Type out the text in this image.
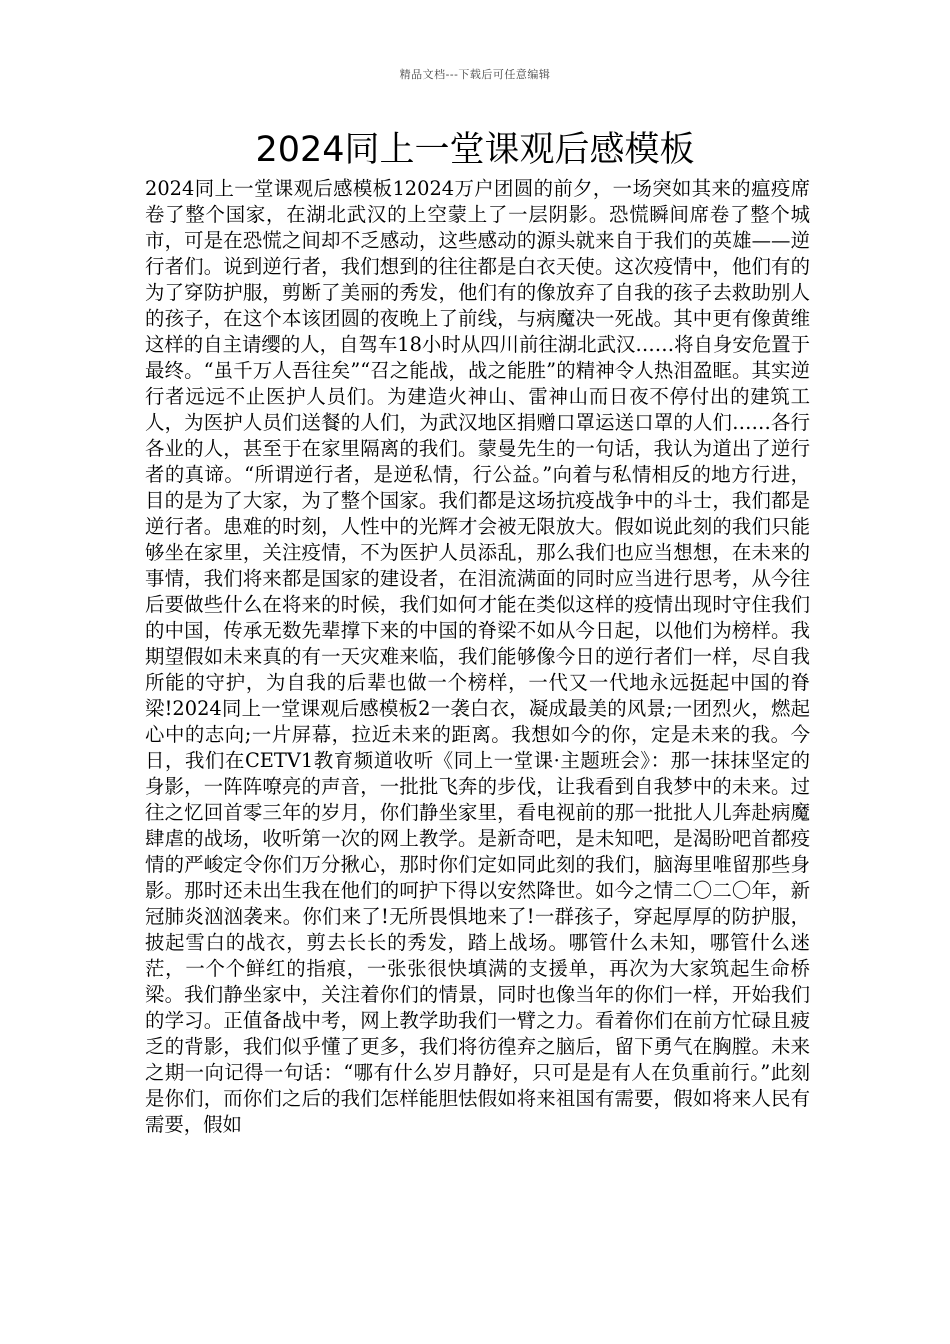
精品文档---下载后可任意编辑
2024同上一堂课观后感模板

2024同上一堂课观后感模板12024万户团圆的前夕，一场突如其来的瘟疫席卷了整个国家，在湖北武汉的上空蒙上了一层阴影。恐慌瞬间席卷了整个城市，可是在恐慌之间却不乏感动，这些感动的源头就来自于我们的英雄——逆行者们。说到逆行者，我们想到的往往都是白衣天使。这次疫情中，他们有的为了穿防护服，剪断了美丽的秀发，他们有的像放弃了自我的孩子去救助别人的孩子，在这个本该团圆的夜晚上了前线，与病魔决一死战。其中更有像黄维这样的自主请缨的人，自驾车18小时从四川前往湖北武汉……将自身安危置于最终。“虽千万人吾往矣”“召之能战，战之能胜”的精神令人热泪盈眶。其实逆行者远远不止医护人员们。为建造火神山、雷神山而日夜不停付出的建筑工人，为医护人员们送餐的人们，为武汉地区捐赠口罩运送口罩的人们……各行各业的人，甚至于在家里隔离的我们。蒙曼先生的一句话，我认为道出了逆行者的真谛。“所谓逆行者，是逆私情，行公益。”向着与私情相反的地方行进，目的是为了大家，为了整个国家。我们都是这场抗疫战争中的斗士，我们都是逆行者。患难的时刻，人性中的光辉才会被无限放大。假如说此刻的我们只能够坐在家里，关注疫情，不为医护人员添乱，那么我们也应当想想，在未来的事情，我们将来都是国家的建设者，在泪流满面的同时应当进行思考，从今往后要做些什么在将来的时候，我们如何才能在类似这样的疫情出现时守住我们的中国，传承无数先辈撑下来的中国的脊梁不如从今日起，以他们为榜样。我期望假如未来真的有一天灾难来临，我们能够像今日的逆行者们一样，尽自我所能的守护，为自我的后辈也做一个榜样，一代又一代地永远挺起中国的脊梁!2024同上一堂课观后感模板2一袭白衣，凝成最美的风景;一团烈火，燃起心中的志向;一片屏幕，拉近未来的距离。我想如今的你，定是未来的我。今日，我们在CETV1教育频道收听《同上一堂课·主题班会》：那一抹抹坚定的身影，一阵阵嘹亮的声音，一批批飞奔的步伐，让我看到自我梦中的未来。过往之忆回首零三年的岁月，你们静坐家里，看电视前的那一批批人儿奔赴病魔肆虐的战场，收听第一次的网上教学。是新奇吧，是未知吧，是渴盼吧首都疫情的严峻定令你们万分揪心，那时你们定如同此刻的我们，脑海里唯留那些身影。那时还未出生我在他们的呵护下得以安然降世。如今之情二〇二〇年，新冠肺炎汹汹袭来。你们来了!无所畏惧地来了!一群孩子，穿起厚厚的防护服，披起雪白的战衣，剪去长长的秀发，踏上战场。哪管什么未知，哪管什么迷茫，一个个鲜红的指痕，一张张很快填满的支援单，再次为大家筑起生命桥梁。我们静坐家中，关注着你们的情景，同时也像当年的你们一样，开始我们的学习。正值备战中考，网上教学助我们一臂之力。看着你们在前方忙碌且疲乏的背影，我们似乎懂了更多，我们将彷徨弃之脑后，留下勇气在胸膛。未来之期一向记得一句话：“哪有什么岁月静好，只可是是有人在负重前行。”此刻是你们，而你们之后的我们怎样能胆怯假如将来祖国有需要，假如将来人民有需要，假如
